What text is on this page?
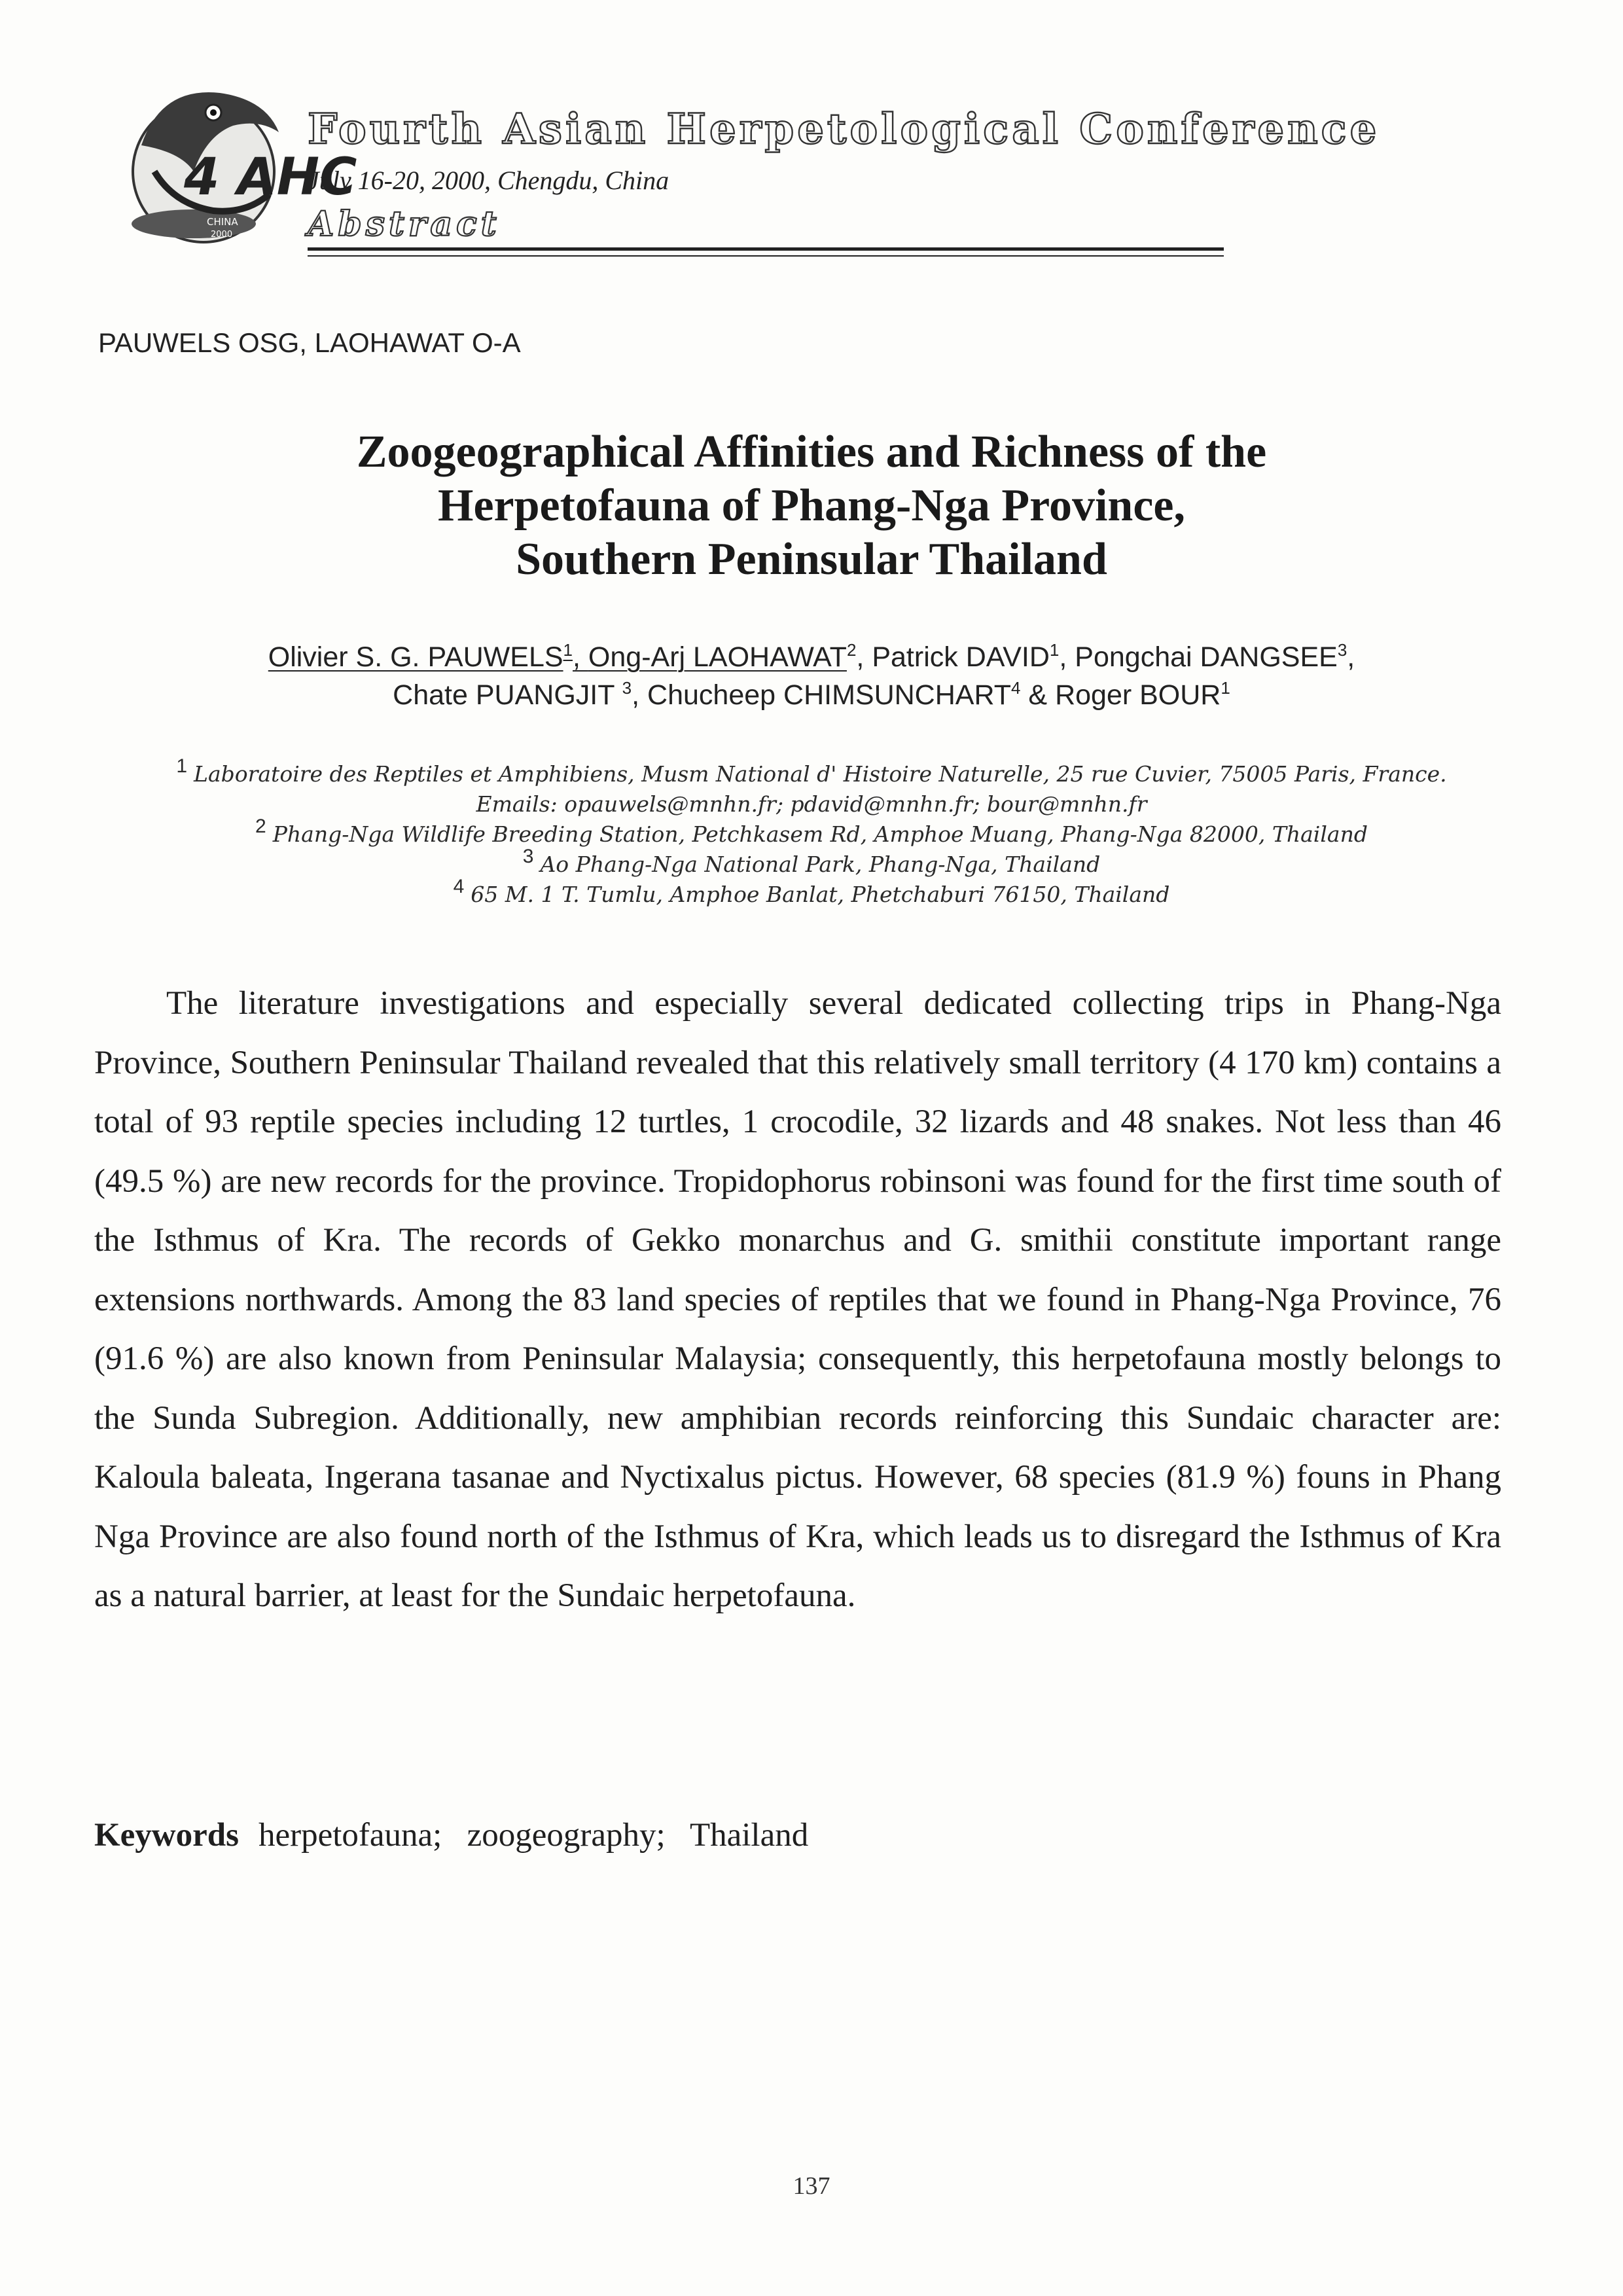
4 AHC
CHINA
2000
Fourth Asian Herpetological Conference
July 16-20, 2000, Chengdu, China
Abstract
PAUWELS OSG, LAOHAWAT O-A
Zoogeographical Affinities and Richness of the
Herpetofauna of Phang-Nga Province,
Southern Peninsular Thailand
Olivier S. G. PAUWELS$^1$, Ong-Arj LAOHAWAT$^2$, Patrick DAVID$^1$, Pongchai DANGSEE$^3$,
Chate PUANGJIT $^3$, Chucheep CHIMSUNCHART$^4$ & Roger BOUR$^1$
$^1$ Laboratoire des Reptiles et Amphibiens, Musm National d' Histoire Naturelle, 25 rue Cuvier, 75005 Paris, France.
Emails: opauwels@mnhn.fr; pdavid@mnhn.fr; bour@mnhn.fr
$^2$ Phang-Nga Wildlife Breeding Station, Petchkasem Rd, Amphoe Muang, Phang-Nga 82000, Thailand
$^3$ Ao Phang-Nga National Park, Phang-Nga, Thailand
$^4$ 65 M. 1 T. Tumlu, Amphoe Banlat, Phetchaburi 76150, Thailand

The literature investigations and especially several dedicated collecting trips in Phang-Nga Province, Southern Peninsular Thailand revealed that this relatively small territory (4 170 km) contains a total of 93 reptile species including 12 turtles, 1 crocodile, 32 lizards and 48 snakes. Not less than 46 (49.5 %) are new records for the province. Tropidophorus robinsoni was found for the first time south of the Isthmus of Kra. The records of Gekko monarchus and G. smithii constitute important range extensions northwards. Among the 83 land species of reptiles that we found in Phang-Nga Province, 76 (91.6 %) are also known from Peninsular Malaysia; consequently, this herpetofauna mostly belongs to the Sunda Subregion. Additionally, new amphibian records reinforcing this Sundaic character are: Kaloula baleata, Ingerana tasanae and Nyctixalus pictus. However, 68 species (81.9 %) founs in Phang Nga Province are also found north of the Isthmus of Kra, which leads us to disregard the Isthmus of Kra as a natural barrier, at least for the Sundaic herpetofauna.

Keywords herpetofauna;   zoogeography;   Thailand
137
